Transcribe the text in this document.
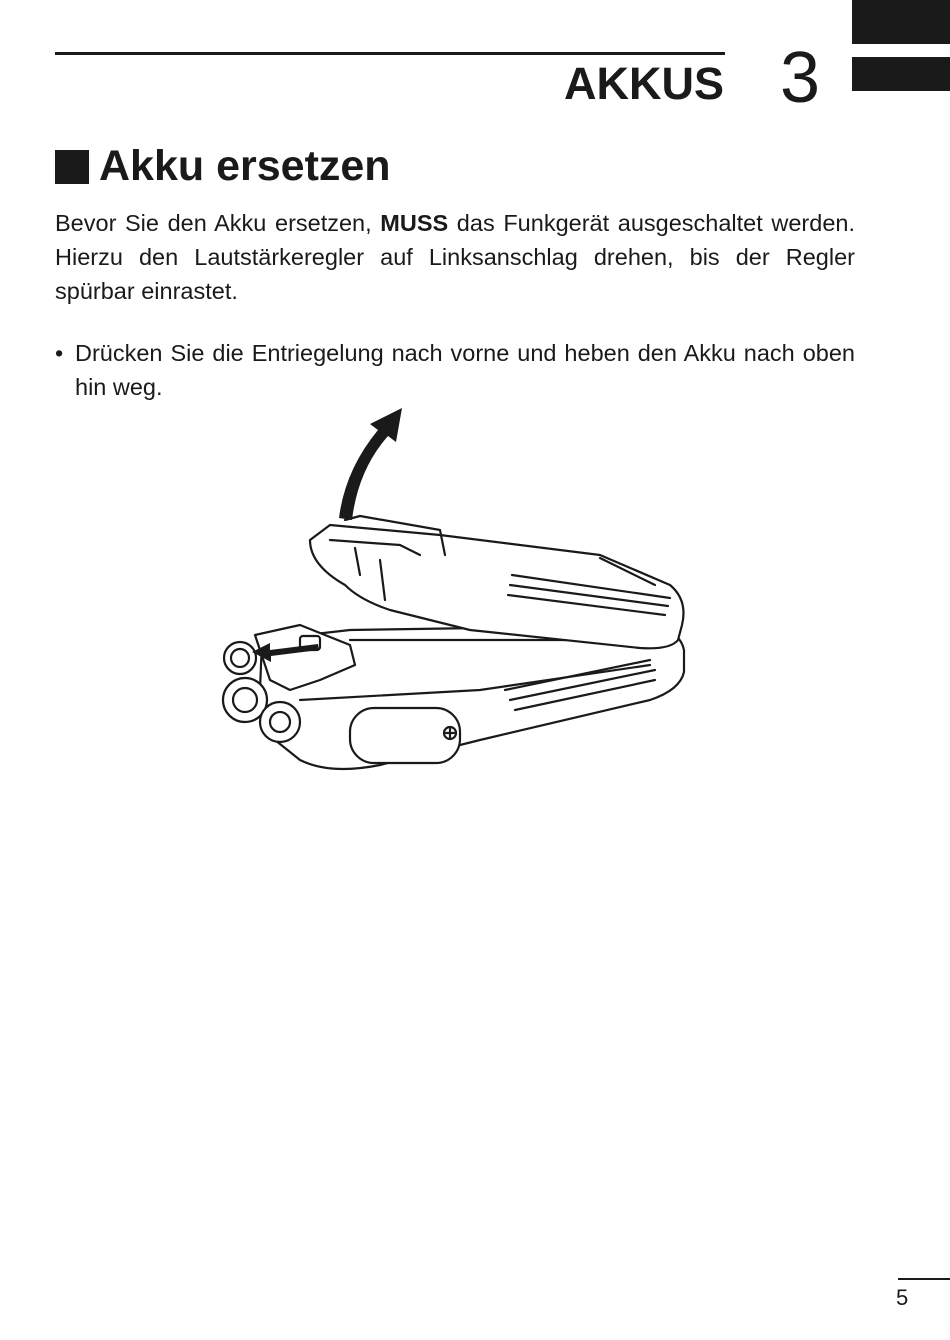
AKKUS 3
Akku ersetzen

Bevor Sie den Akku ersetzen, MUSS das Funkgerät ausgeschaltet werden. Hierzu den Lautstärkeregler auf Linksanschlag drehen, bis der Regler spürbar einrastet.

• Drücken Sie die Entriegelung nach vorne und heben den Akku nach oben hin weg.
5
